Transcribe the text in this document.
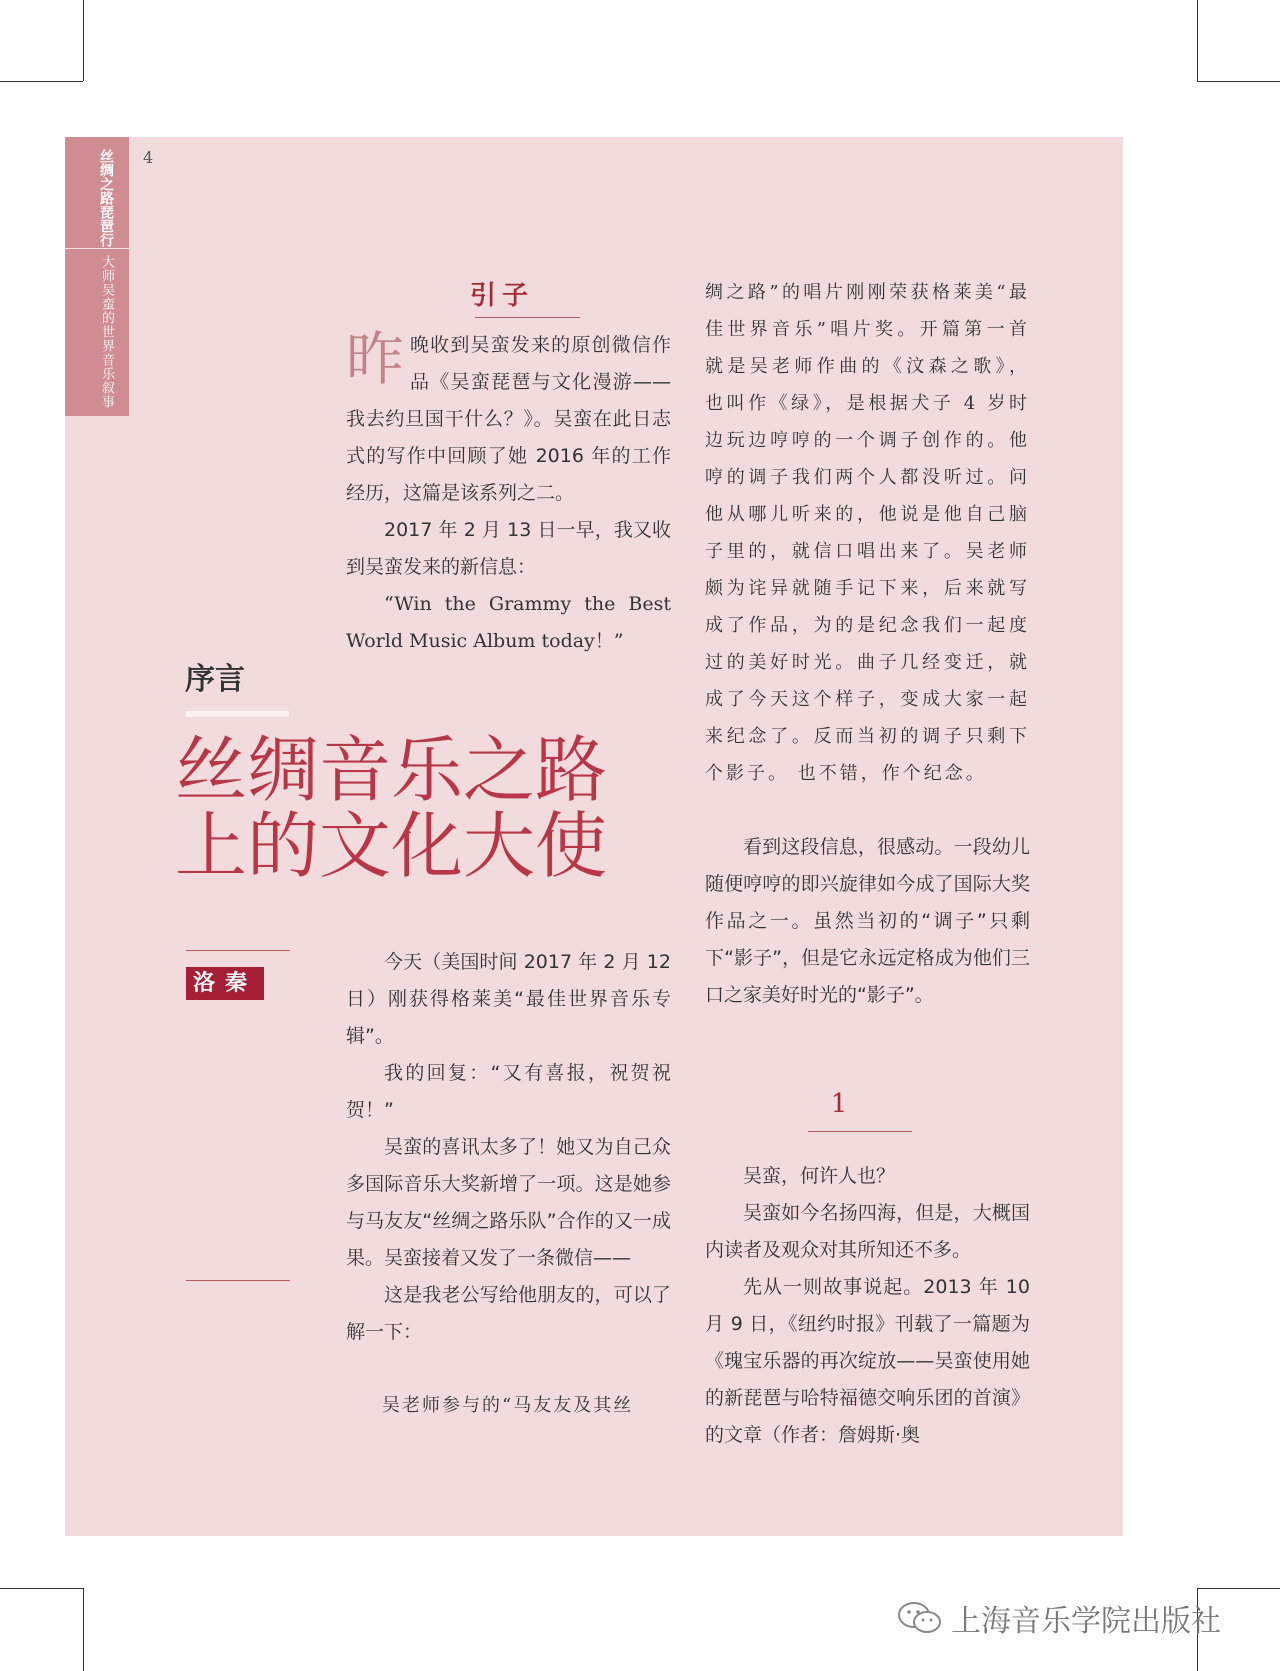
丝绸之路琵琶行
大师吴蛮的世界音乐叙事
4
引子

昨晚收到吴蛮发来的原创微信作品《吴蛮琵琶与文化漫游——我去约旦国干什么？》。吴蛮在此日志式的写作中回顾了她 2016 年的工作经历，这篇是该系列之二。

2017 年 2 月 13 日一早，我又收到吴蛮发来的新信息：

“Win the Grammy the Best World Music Album today！”

序言
丝绸音乐之路
上的文化大使
洛秦

今天（美国时间 2017 年 2 月 12 日）刚获得格莱美“最佳世界音乐专辑”。

我的回复：“又有喜报，祝贺祝贺！”

吴蛮的喜讯太多了！她又为自己众多国际音乐大奖新增了一项。这是她参与马友友“丝绸之路乐队”合作的又一成果。吴蛮接着又发了一条微信——

这是我老公写给他朋友的，可以了解一下：

吴老师参与的“马友友及其丝

绸之路”的唱片刚刚荣获格莱美“最佳世界音乐”唱片奖。开篇第一首就是吴老师作曲的《汶森之歌》，也叫作《绿》，是根据犬子 4 岁时边玩边哼哼的一个调子创作的。他哼的调子我们两个人都没听过。问他从哪儿听来的，他说是他自己脑子里的，就信口唱出来了。吴老师颇为诧异就随手记下来，后来就写成了作品，为的是纪念我们一起度过的美好时光。曲子几经变迁，就成了今天这个样子，变成大家一起来纪念了。反而当初的调子只剩下个影子。 也不错，作个纪念。

看到这段信息，很感动。一段幼儿随便哼哼的即兴旋律如今成了国际大奖作品之一。虽然当初的“调子”只剩下“影子”，但是它永远定格成为他们三口之家美好时光的“影子”。

1

吴蛮，何许人也？

吴蛮如今名扬四海，但是，大概国内读者及观众对其所知还不多。

先从一则故事说起。2013 年 10 月 9 日，《纽约时报》刊载了一篇题为《瑰宝乐器的再次绽放——吴蛮使用她的新琵琶与哈特福德交响乐团的首演》的文章（作者：詹姆斯·奥

上海音乐学院出版社
